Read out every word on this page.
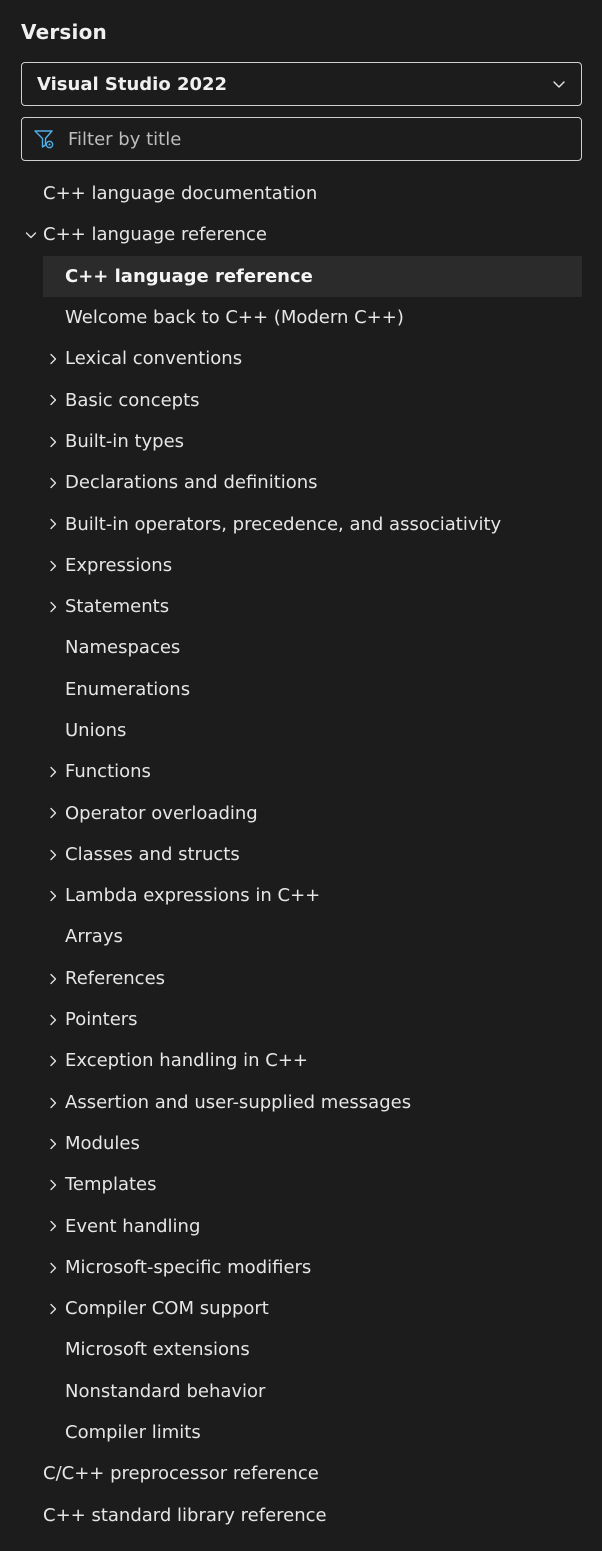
Version
Visual Studio 2022
Filter by title
C++ language documentation
C++ language reference
C++ language reference
Welcome back to C++ (Modern C++)
Lexical conventions
Basic concepts
Built-in types
Declarations and definitions
Built-in operators, precedence, and associativity
Expressions
Statements
Namespaces
Enumerations
Unions
Functions
Operator overloading
Classes and structs
Lambda expressions in C++
Arrays
References
Pointers
Exception handling in C++
Assertion and user-supplied messages
Modules
Templates
Event handling
Microsoft-specific modifiers
Compiler COM support
Microsoft extensions
Nonstandard behavior
Compiler limits
C/C++ preprocessor reference
C++ standard library reference
